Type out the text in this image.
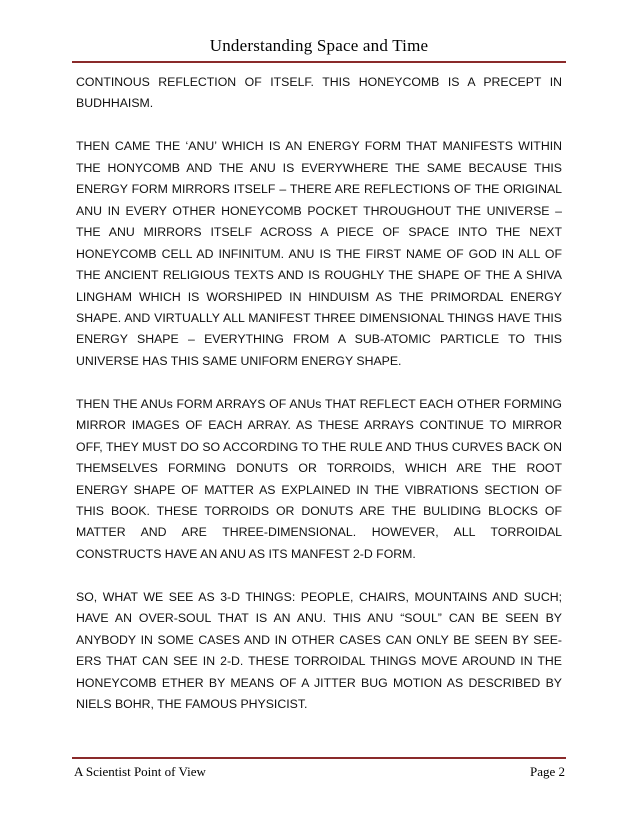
Understanding Space and Time

CONTINOUS REFLECTION OF ITSELF. THIS HONEYCOMB IS A PRECEPT IN BUDHHAISM.

THEN CAME THE ‘ANU’ WHICH IS AN ENERGY FORM THAT MANIFESTS WITHIN THE HONYCOMB AND THE ANU IS EVERYWHERE THE SAME BECAUSE THIS ENERGY FORM MIRRORS ITSELF – THERE ARE REFLECTIONS OF THE ORIGINAL ANU IN EVERY OTHER HONEYCOMB POCKET THROUGHOUT THE UNIVERSE – THE ANU MIRRORS ITSELF ACROSS A PIECE OF SPACE INTO THE NEXT HONEYCOMB CELL AD INFINITUM. ANU IS THE FIRST NAME OF GOD IN ALL OF THE ANCIENT RELIGIOUS TEXTS AND IS ROUGHLY THE SHAPE OF THE A SHIVA LINGHAM WHICH IS WORSHIPED IN HINDUISM AS THE PRIMORDAL ENERGY SHAPE. AND VIRTUALLY ALL MANIFEST THREE DIMENSIONAL THINGS HAVE THIS ENERGY SHAPE – EVERYTHING FROM A SUB-ATOMIC PARTICLE TO THIS UNIVERSE HAS THIS SAME UNIFORM ENERGY SHAPE.

THEN THE ANUs FORM ARRAYS OF ANUs THAT REFLECT EACH OTHER FORMING MIRROR IMAGES OF EACH ARRAY. AS THESE ARRAYS CONTINUE TO MIRROR OFF, THEY MUST DO SO ACCORDING TO THE RULE AND THUS CURVES BACK ON THEMSELVES FORMING DONUTS OR TORROIDS, WHICH ARE THE ROOT ENERGY SHAPE OF MATTER AS EXPLAINED IN THE VIBRATIONS SECTION OF THIS BOOK. THESE TORROIDS OR DONUTS ARE THE BULIDING BLOCKS OF MATTER AND ARE THREE-DIMENSIONAL. HOWEVER, ALL TORROIDAL CONSTRUCTS HAVE AN ANU AS ITS MANFEST 2-D FORM.

SO, WHAT WE SEE AS 3-D THINGS: PEOPLE, CHAIRS, MOUNTAINS AND SUCH; HAVE AN OVER-SOUL THAT IS AN ANU. THIS ANU “SOUL” CAN BE SEEN BY ANYBODY IN SOME CASES AND IN OTHER CASES CAN ONLY BE SEEN BY SEE-ERS THAT CAN SEE IN 2-D. THESE TORROIDAL THINGS MOVE AROUND IN THE HONEYCOMB ETHER BY MEANS OF A JITTER BUG MOTION AS DESCRIBED BY NIELS BOHR, THE FAMOUS PHYSICIST.

A Scientist Point of View	Page 2
